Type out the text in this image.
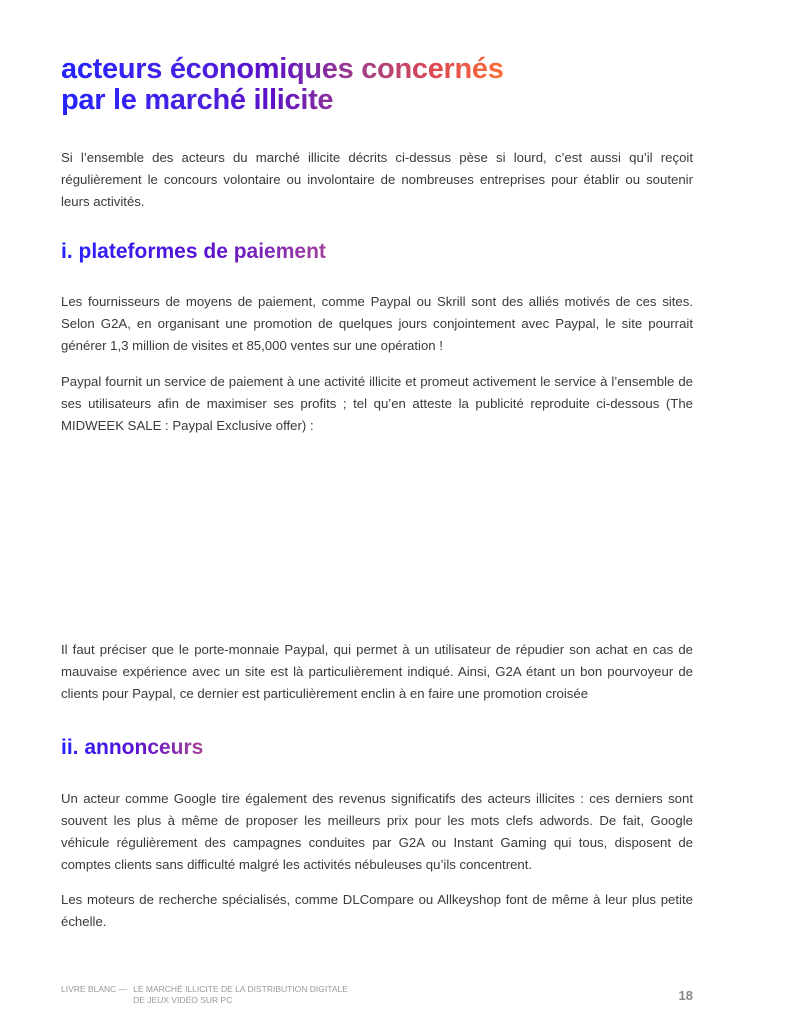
acteurs économiques concernés
par le marché illicite

Si l’ensemble des acteurs du marché illicite décrits ci-dessus pèse si lourd, c’est aussi qu’il reçoit régulièrement le concours volontaire ou involontaire de nombreuses entreprises pour établir ou soutenir leurs activités.

i. plateformes de paiement

Les fournisseurs de moyens de paiement, comme Paypal ou Skrill sont des alliés motivés de ces sites. Selon G2A, en organisant une promotion de quelques jours conjointement avec Paypal, le site pourrait générer 1,3 million de visites et 85,000 ventes sur une opération !

Paypal fournit un service de paiement à une activité illicite et promeut activement le service à l’ensemble de ses utilisateurs afin de maximiser ses profits ; tel qu’en atteste la publicité reproduite ci-dessous (The MIDWEEK SALE : Paypal Exclusive offer) :

Il faut préciser que le porte-monnaie Paypal, qui permet à un utilisateur de répudier son achat en cas de mauvaise expérience avec un site est là particulièrement indiqué. Ainsi, G2A étant un bon pourvoyeur de clients pour Paypal, ce dernier est particulièrement enclin à en faire une promotion croisée

ii. annonceurs

Un acteur comme Google tire également des revenus significatifs des acteurs illicites : ces derniers sont souvent les plus à même de proposer les meilleurs prix pour les mots clefs adwords. De fait, Google véhicule régulièrement des campagnes conduites par G2A ou Instant Gaming qui tous, disposent de comptes clients sans difficulté malgré les activités nébuleuses qu’ils concentrent.

Les moteurs de recherche spécialisés, comme DLCompare ou Allkeyshop font de même à leur plus petite échelle.

LIVRE BLANC — LE MARCHÉ ILLICITE DE LA DISTRIBUTION DIGITALE
DE JEUX VIDÉO SUR PC	18
